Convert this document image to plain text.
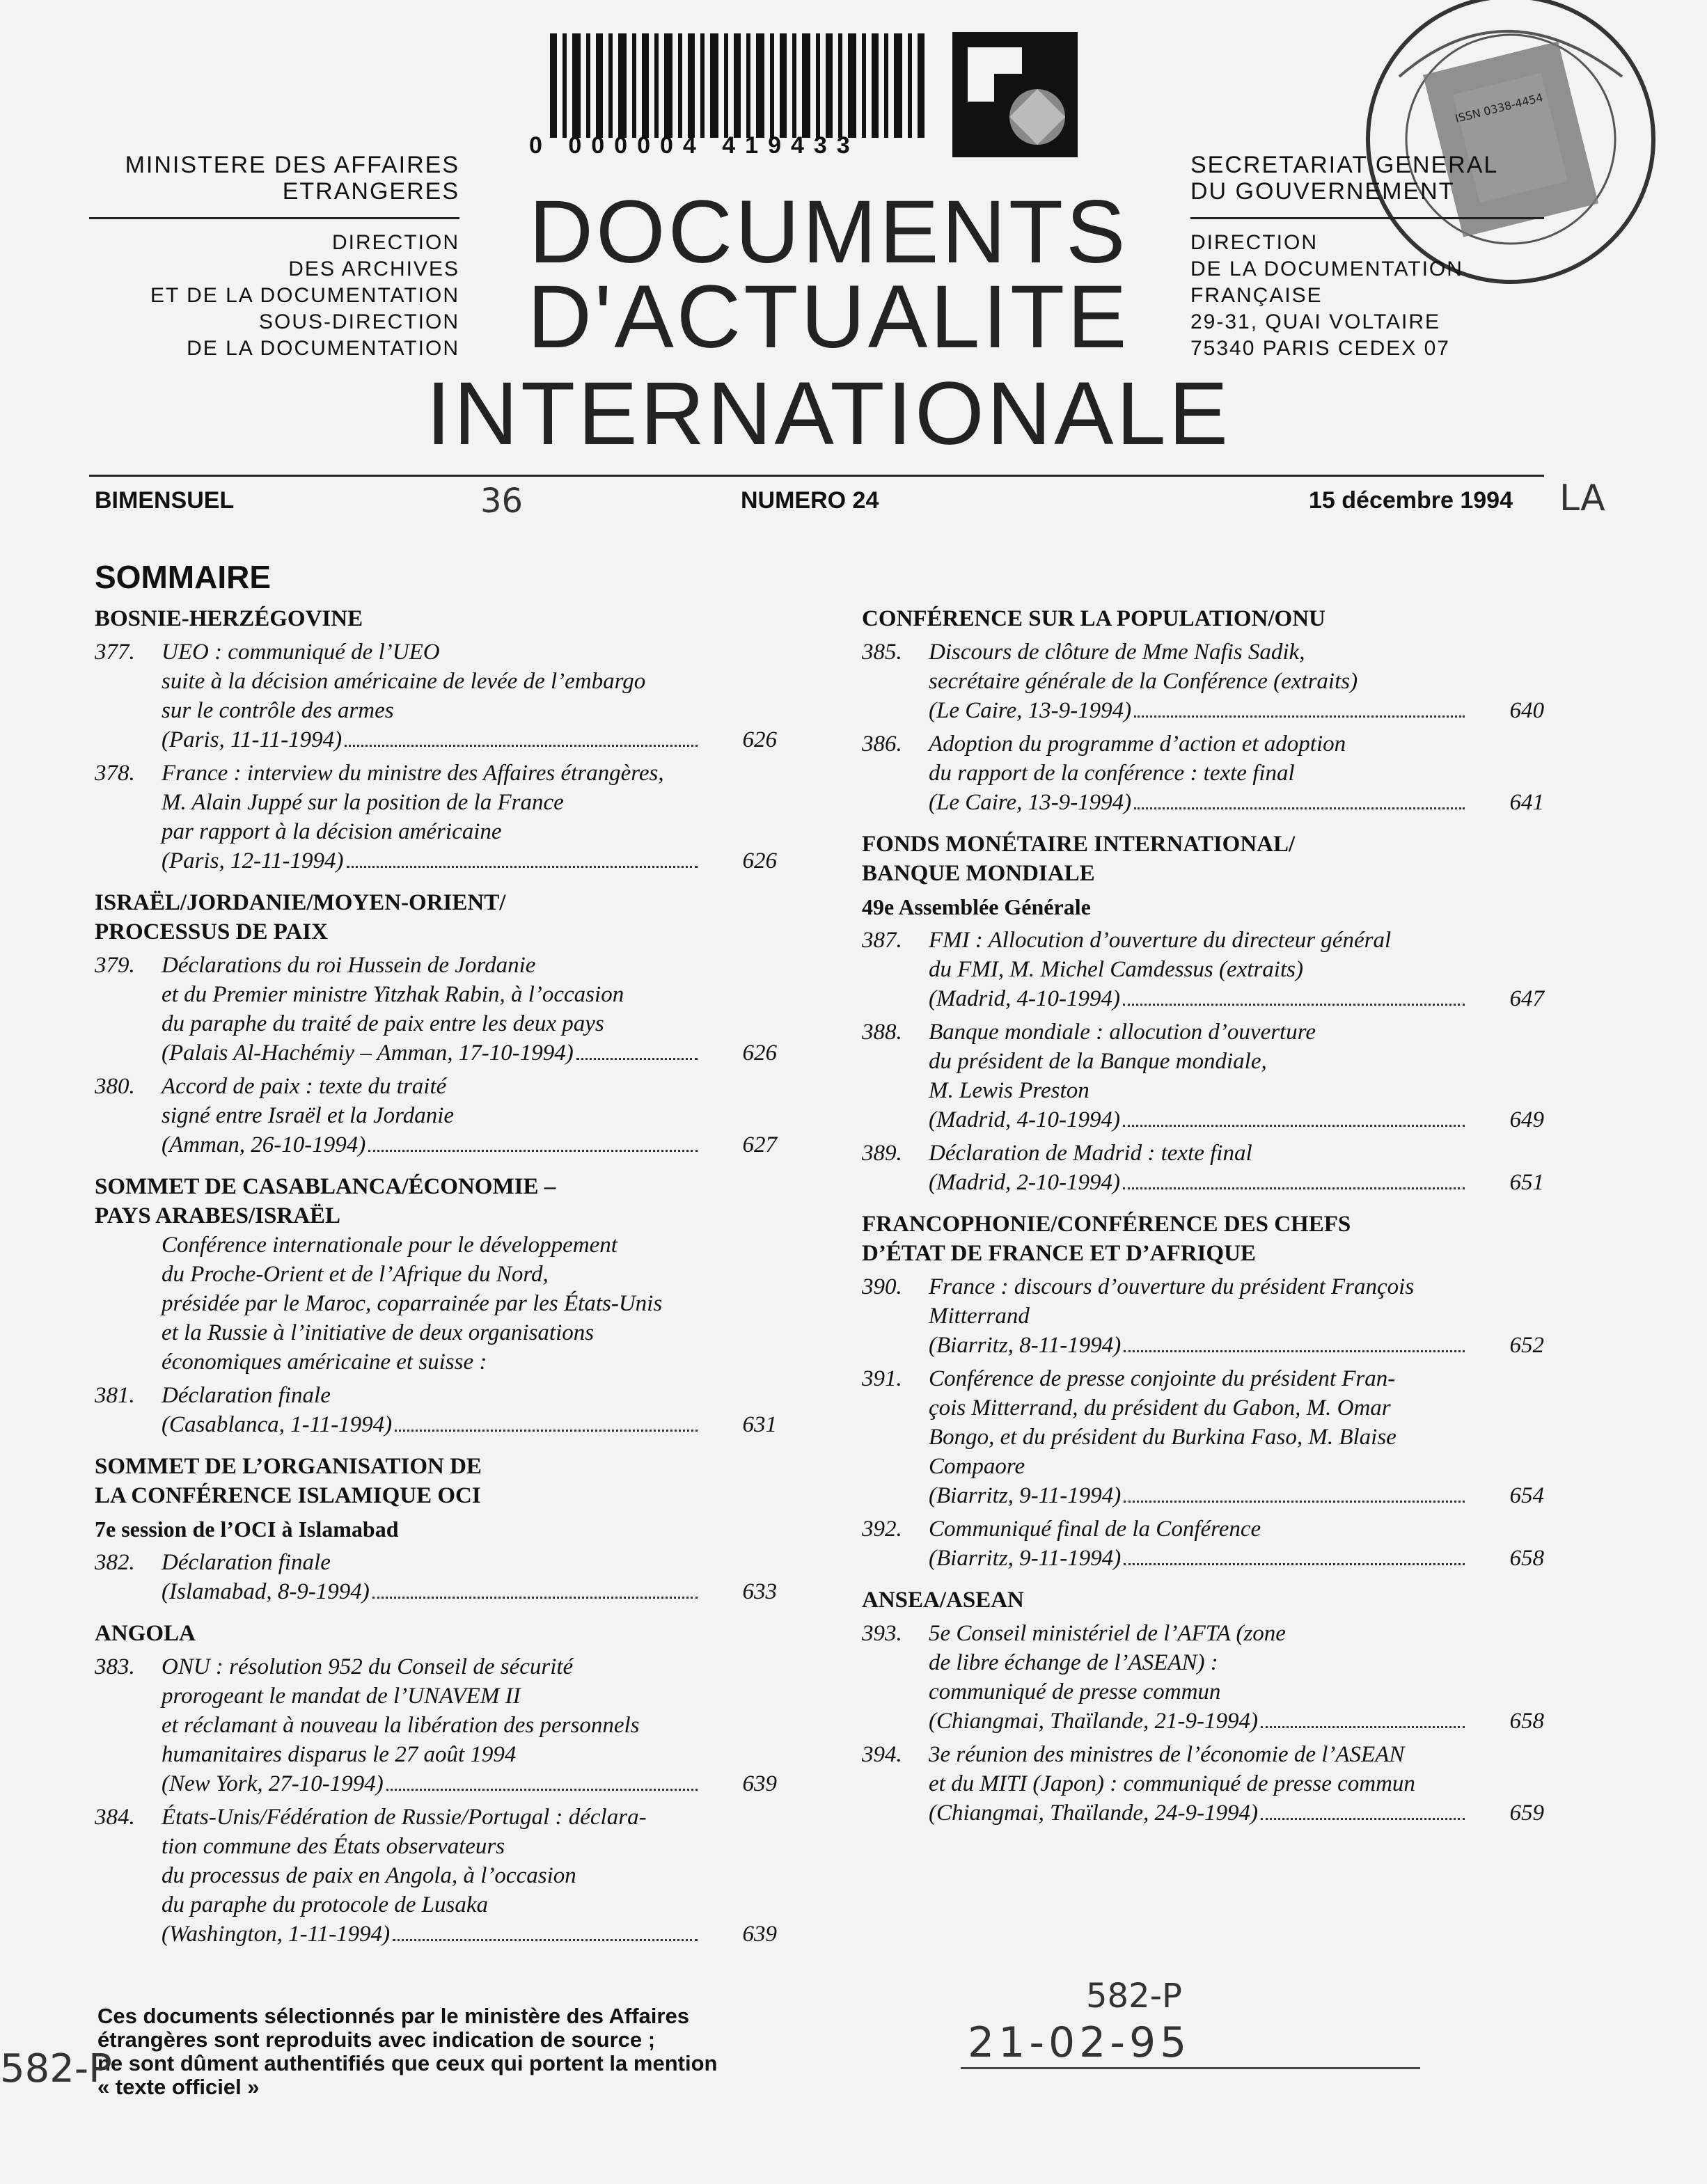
0 000004 419433
ISSN 0338-4454
MINISTERE DES AFFAIRES
ETRANGERES
DIRECTION
DES ARCHIVES
ET DE LA DOCUMENTATION
SOUS-DIRECTION
DE LA DOCUMENTATION
SECRETARIAT GENERAL
DU GOUVERNEMENT
DIRECTION
DE LA DOCUMENTATION
FRANÇAISE
29-31, QUAI VOLTAIRE
75340 PARIS CEDEX 07
DOCUMENTS
D'ACTUALITE
INTERNATIONALE
BIMENSUEL	36	NUMERO 24	15 décembre 1994 LA
SOMMAIRE
BOSNIE-HERZÉGOVINE
377.	UEO : communiqué de l’UEO
suite à la décision américaine de levée de l’embargo
sur le contrôle des armes
(Paris, 11-11-1994)	626
378.	France : interview du ministre des Affaires étrangères,
M. Alain Juppé sur la position de la France
par rapport à la décision américaine
(Paris, 12-11-1994)	626
ISRAËL/JORDANIE/MOYEN-ORIENT/
PROCESSUS DE PAIX
379.	Déclarations du roi Hussein de Jordanie
et du Premier ministre Yitzhak Rabin, à l’occasion
du paraphe du traité de paix entre les deux pays
(Palais Al-Hachémiy – Amman, 17-10-1994)	626
380.	Accord de paix : texte du traité
signé entre Israël et la Jordanie
(Amman, 26-10-1994)	627
SOMMET DE CASABLANCA/ÉCONOMIE –
PAYS ARABES/ISRAËL
Conférence internationale pour le développement
du Proche-Orient et de l’Afrique du Nord,
présidée par le Maroc, coparrainée par les États-Unis
et la Russie à l’initiative de deux organisations
économiques américaine et suisse :
381.	Déclaration finale
(Casablanca, 1-11-1994)	631
SOMMET DE L’ORGANISATION DE
LA CONFÉRENCE ISLAMIQUE OCI
7e session de l’OCI à Islamabad
382.	Déclaration finale
(Islamabad, 8-9-1994)	633
ANGOLA
383.	ONU : résolution 952 du Conseil de sécurité
prorogeant le mandat de l’UNAVEM II
et réclamant à nouveau la libération des personnels
humanitaires disparus le 27 août 1994
(New York, 27-10-1994)	639
384.	États-Unis/Fédération de Russie/Portugal : déclara-
tion commune des États observateurs
du processus de paix en Angola, à l’occasion
du paraphe du protocole de Lusaka
(Washington, 1-11-1994)	639
CONFÉRENCE SUR LA POPULATION/ONU
385.	Discours de clôture de Mme Nafis Sadik,
secrétaire générale de la Conférence (extraits)
(Le Caire, 13-9-1994)	640
386.	Adoption du programme d’action et adoption
du rapport de la conférence : texte final
(Le Caire, 13-9-1994)	641
FONDS MONÉTAIRE INTERNATIONAL/
BANQUE MONDIALE
49e Assemblée Générale
387.	FMI : Allocution d’ouverture du directeur général
du FMI, M. Michel Camdessus (extraits)
(Madrid, 4-10-1994)	647
388.	Banque mondiale : allocution d’ouverture
du président de la Banque mondiale,
M. Lewis Preston
(Madrid, 4-10-1994)	649
389.	Déclaration de Madrid : texte final
(Madrid, 2-10-1994)	651
FRANCOPHONIE/CONFÉRENCE DES CHEFS
D’ÉTAT DE FRANCE ET D’AFRIQUE
390.	France : discours d’ouverture du président François
Mitterrand
(Biarritz, 8-11-1994)	652
391.	Conférence de presse conjointe du président Fran-
çois Mitterrand, du président du Gabon, M. Omar
Bongo, et du président du Burkina Faso, M. Blaise
Compaore
(Biarritz, 9-11-1994)	654
392.	Communiqué final de la Conférence
(Biarritz, 9-11-1994)	658
ANSEA/ASEAN
393.	5e Conseil ministériel de l’AFTA (zone
de libre échange de l’ASEAN) :
communiqué de presse commun
(Chiangmai, Thaïlande, 21-9-1994)	658
394.	3e réunion des ministres de l’économie de l’ASEAN
et du MITI (Japon) : communiqué de presse commun
(Chiangmai, Thaïlande, 24-9-1994)	659
Ces documents sélectionnés par le ministère des Affaires
étrangères sont reproduits avec indication de source ;
ne sont dûment authentifiés que ceux qui portent la mention
« texte officiel »
582-P
582-P
21-02-95
